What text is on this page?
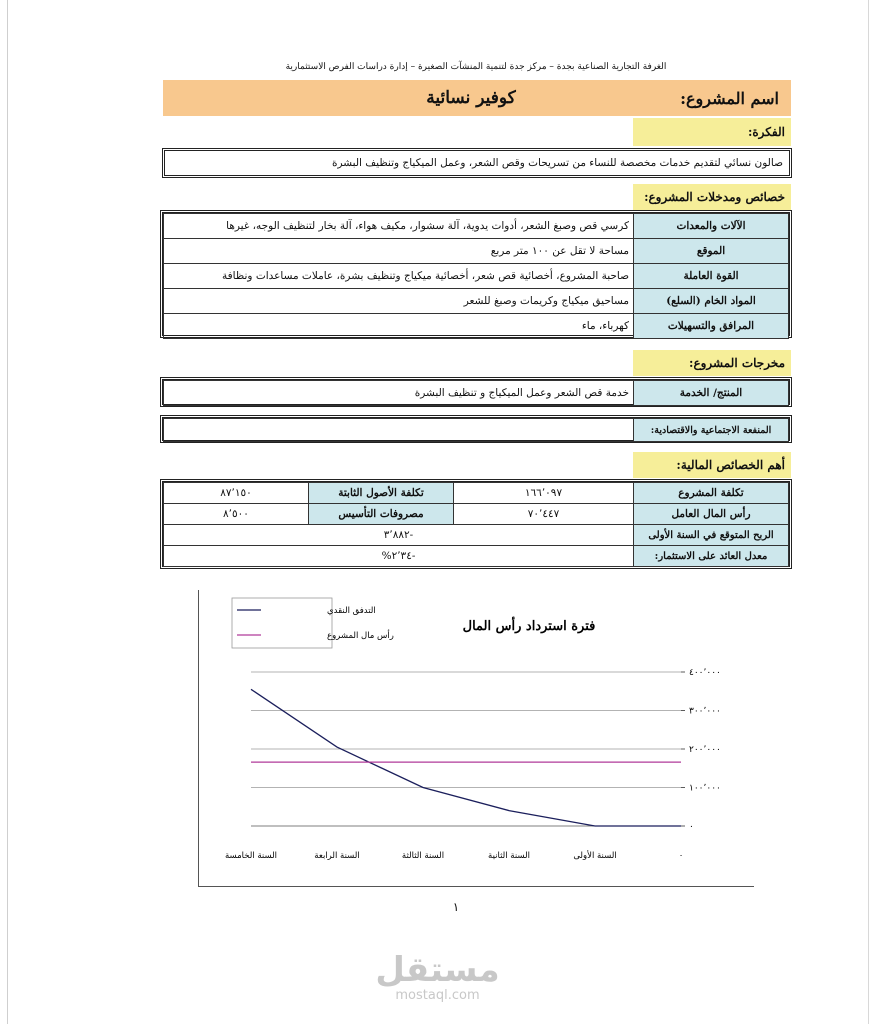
الغرفة التجارية الصناعية بجدة – مركز جدة لتنمية المنشآت الصغيرة – إدارة دراسات الفرص الاستثمارية
اسم المشروع:
كوفير نسائية
الفكرة:
صالون نسائي لتقديم خدمات مخصصة للنساء من تسريحات وقص الشعر، وعمل الميكياج وتنظيف البشرة
خصائص ومدخلات المشروع:
الآلات والمعدات	كرسي قص وصبغ الشعر، أدوات يدوية، آلة سشوار، مكيف هواء، آلة بخار لتنظيف الوجه، غيرها
الموقع	مساحة لا تقل عن ١٠٠ متر مربع
القوة العاملة	صاحبة المشروع، أخصائية قص شعر، أخصائية ميكياج وتنظيف بشرة، عاملات مساعدات ونظافة
المواد الخام (السلع)	مساحيق ميكياج وكريمات وصبغ للشعر
المرافق والتسهيلات	كهرباء، ماء
مخرجات المشروع:
المنتج/ الخدمة	خدمة قص الشعر وعمل الميكياج و تنظيف البشرة
المنفعة الاجتماعية والاقتصادية:	
أهم الخصائص المالية:
تكلفة المشروع	١٦٦٬٠٩٧	تكلفة الأصول الثابتة	٨٧٬١٥٠
رأس المال العامل	٧٠٬٤٤٧	مصروفات التأسيس	٨٬٥٠٠
الربح المتوقع في السنة الأولى	-٣٬٨٨٢		
معدل العائد على الاستثمار:	-٢٬٣٤%		
٠
١٠٠٬٠٠٠
٢٠٠٬٠٠٠
٣٠٠٬٠٠٠
٤٠٠٬٠٠٠
٠
السنة الأولى
السنة الثانية
السنة الثالثة
السنة الرابعة
السنة الخامسة
فترة استرداد رأس المال
التدفق النقدي
رأس مال المشروع
١
مستقل
mostaql.com
